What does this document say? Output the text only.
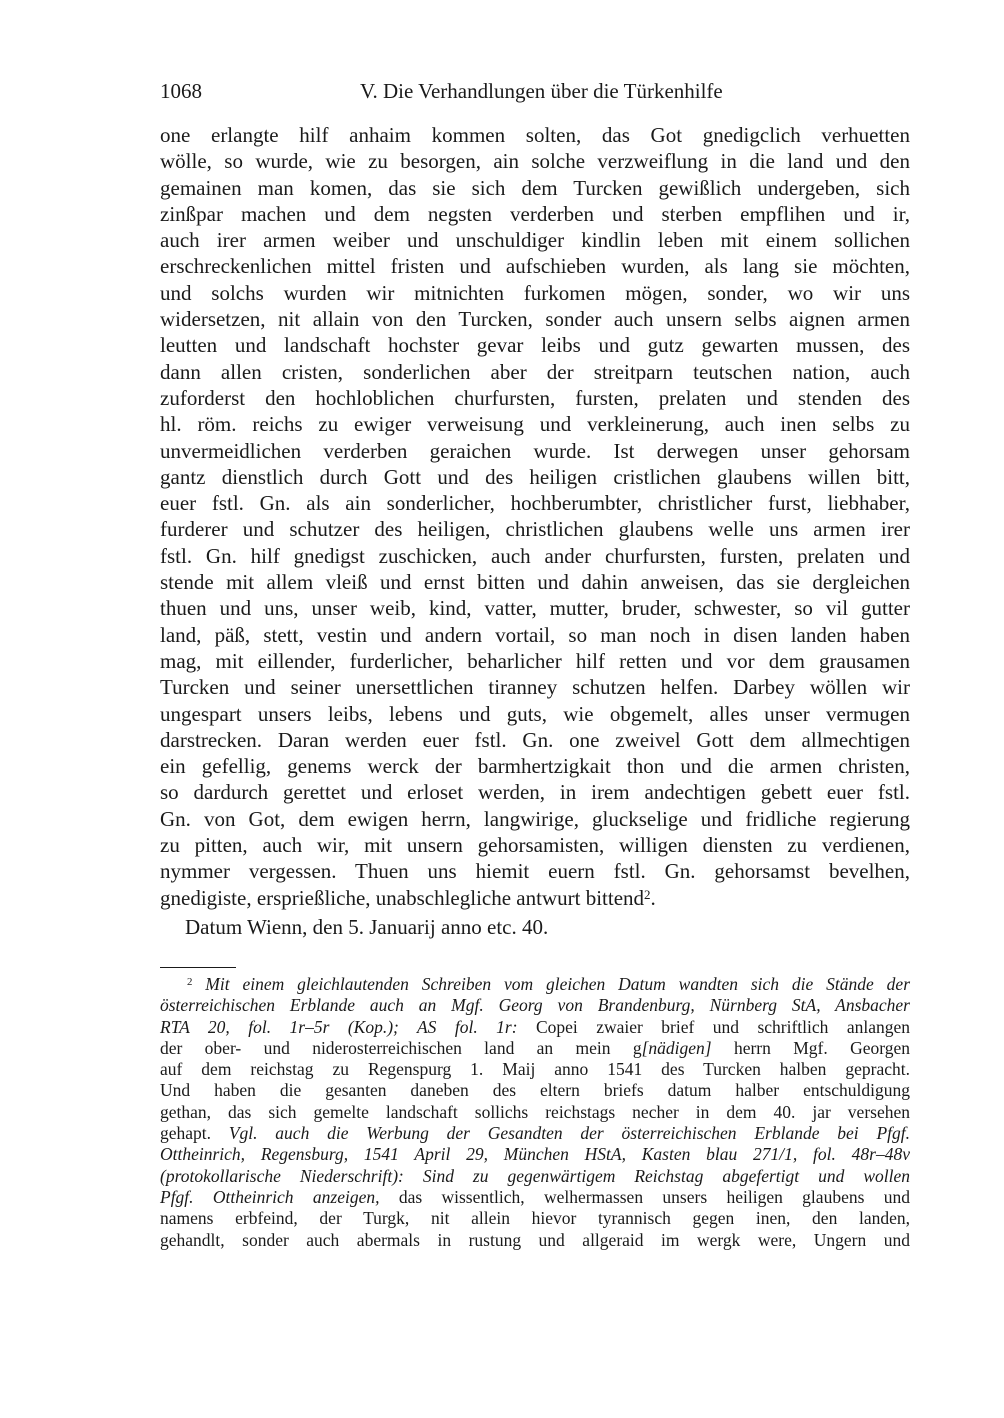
1068	V. Die Verhandlungen über die Türkenhilfe
one erlangte hilf anhaim kommen solten, das Got gnedigclich verhuetten
wölle, so wurde, wie zu besorgen, ain solche verzweiflung in die land und den
gemainen man komen, das sie sich dem Turcken gewißlich undergeben, sich
zinßpar machen und dem negsten verderben und sterben empflihen und ir,
auch irer armen weiber und unschuldiger kindlin leben mit einem sollichen
erschreckenlichen mittel fristen und aufschieben wurden, als lang sie möchten,
und solchs wurden wir mitnichten furkomen mögen, sonder, wo wir uns
widersetzen, nit allain von den Turcken, sonder auch unsern selbs aignen armen
leutten und landschaft hochster gevar leibs und gutz gewarten mussen, des
dann allen cristen, sonderlichen aber der streitparn teutschen nation, auch
zuforderst den hochloblichen churfursten, fursten, prelaten und stenden des
hl. röm. reichs zu ewiger verweisung und verkleinerung, auch inen selbs zu
unvermeidlichen verderben geraichen wurde. Ist derwegen unser gehorsam
gantz dienstlich durch Gott und des heiligen cristlichen glaubens willen bitt,
euer fstl. Gn. als ain sonderlicher, hochberumbter, christlicher furst, liebhaber,
furderer und schutzer des heiligen, christlichen glaubens welle uns armen irer
fstl. Gn. hilf gnedigst zuschicken, auch ander churfursten, fursten, prelaten und
stende mit allem vleiß und ernst bitten und dahin anweisen, das sie dergleichen
thuen und uns, unser weib, kind, vatter, mutter, bruder, schwester, so vil gutter
land, päß, stett, vestin und andern vortail, so man noch in disen landen haben
mag, mit eillender, furderlicher, beharlicher hilf retten und vor dem grausamen
Turcken und seiner unersettlichen tiranney schutzen helfen. Darbey wöllen wir
ungespart unsers leibs, lebens und guts, wie obgemelt, alles unser vermugen
darstrecken. Daran werden euer fstl. Gn. one zweivel Gott dem allmechtigen
ein gefellig, genems werck der barmhertzigkait thon und die armen christen,
so dardurch gerettet und erloset werden, in irem andechtigen gebett euer fstl.
Gn. von Got, dem ewigen herrn, langwirige, gluckselige und fridliche regierung
zu pitten, auch wir, mit unsern gehorsamisten, willigen diensten zu verdienen,
nymmer vergessen. Thuen uns hiemit euern fstl. Gn. gehorsamst bevelhen,
gnedigiste, ersprießliche, unabschlegliche antwurt bittend$^2$.
Datum Wienn, den 5. Januarij anno etc. 40.
$^2$ Mit einem gleichlautenden Schreiben vom gleichen Datum wandten sich die Stände der
österreichischen Erblande auch an Mgf. Georg von Brandenburg, Nürnberg StA, Ansbacher
RTA 20, fol. 1r–5r (Kop.); AS fol. 1r: Copei zwaier brief und schriftlich anlangen
der ober- und niderosterreichischen land an mein g[nädigen] herrn Mgf. Georgen
auf dem reichstag zu Regenspurg 1. Maij anno 1541 des Turcken halben gepracht.
Und haben die gesanten daneben des eltern briefs datum halber entschuldigung
gethan, das sich gemelte landschaft sollichs reichstags necher in dem 40. jar versehen
gehapt. Vgl. auch die Werbung der Gesandten der österreichischen Erblande bei Pfgf.
Ottheinrich, Regensburg, 1541 April 29, München HStA, Kasten blau 271/1, fol. 48r–48v
(protokollarische Niederschrift): Sind zu gegenwärtigem Reichstag abgefertigt und wollen
Pfgf. Ottheinrich anzeigen, das wissentlich, welhermassen unsers heiligen glaubens und
namens erbfeind, der Turgk, nit allein hievor tyrannisch gegen inen, den landen,
gehandlt, sonder auch abermals in rustung und allgeraid im wergk were, Ungern und
